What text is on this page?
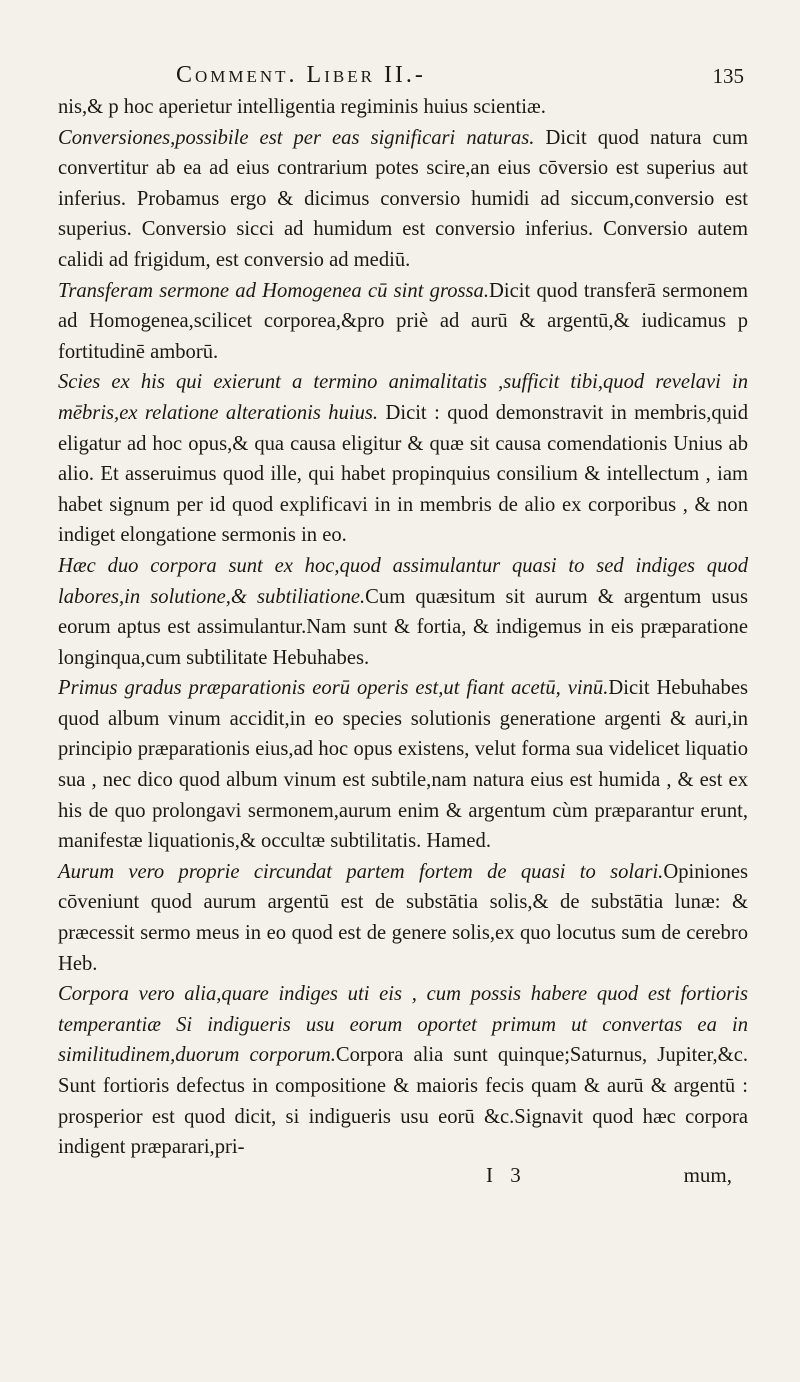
Comment. Liber II.-	135

nis,& p hoc aperietur intelligentia regiminis huius scientiæ.

Conversiones,possibile est per eas significari naturas. Dicit quod natura cum convertitur ab ea ad eius contrarium potes scire,an eius cōversio est superius aut inferius. Probamus ergo & dicimus conversio humidi ad siccum,conversio est superius. Conversio sicci ad humidum est conversio inferius. Conversio autem calidi ad frigidum, est conversio ad mediū.

Transferam sermone ad Homogenea cū sint grossa.Dicit quod transferā sermonem ad Homogenea,scilicet corporea,&pro priè ad aurū & argentū,& iudicamus p fortitudinē amborū.

Scies ex his qui exierunt a termino animalitatis ,sufficit tibi,quod revelavi in mēbris,ex relatione alterationis huius. Dicit : quod demonstravit in membris,quid eligatur ad hoc opus,& qua causa eligitur & quæ sit causa comendationis Unius ab alio. Et asseruimus quod ille, qui habet propinquius consilium & intellectum , iam habet signum per id quod explificavi in in membris de alio ex corporibus , & non indiget elongatione sermonis in eo.

Hæc duo corpora sunt ex hoc,quod assimulantur quasi to sed indiges quod labores,in solutione,& subtiliatione.Cum quæsitum sit aurum & argentum usus eorum aptus est assimulantur.Nam sunt & fortia, & indigemus in eis præparatione longinqua,cum subtilitate Hebuhabes.

Primus gradus præparationis eorū operis est,ut fiant acetū, vinū.Dicit Hebuhabes quod album vinum accidit,in eo species solutionis generatione argenti & auri,in principio præparationis eius,ad hoc opus existens, velut forma sua videlicet liquatio sua , nec dico quod album vinum est subtile,nam natura eius est humida , & est ex his de quo prolongavi sermonem,aurum enim & argentum cùm præparantur erunt, manifestæ liquationis,& occultæ subtilitatis. Hamed.

Aurum vero proprie circundat partem fortem de quasi to solari.Opiniones cōveniunt quod aurum argentū est de substātia solis,& de substātia lunæ: & præcessit sermo meus in eo quod est de genere solis,ex quo locutus sum de cerebro Heb.

Corpora vero alia,quare indiges uti eis , cum possis habere quod est fortioris temperantiæ Si indigueris usu eorum oportet primum ut convertas ea in similitudinem,duorum corporum.Corpora alia sunt quinque;Saturnus, Jupiter,&c. Sunt fortioris defectus in compositione & maioris fecis quam & aurū & argentū : prosperior est quod dicit, si indigueris usu eorū &c.Signavit quod hæc corpora indigent præparari,pri-

I 3	mum,
